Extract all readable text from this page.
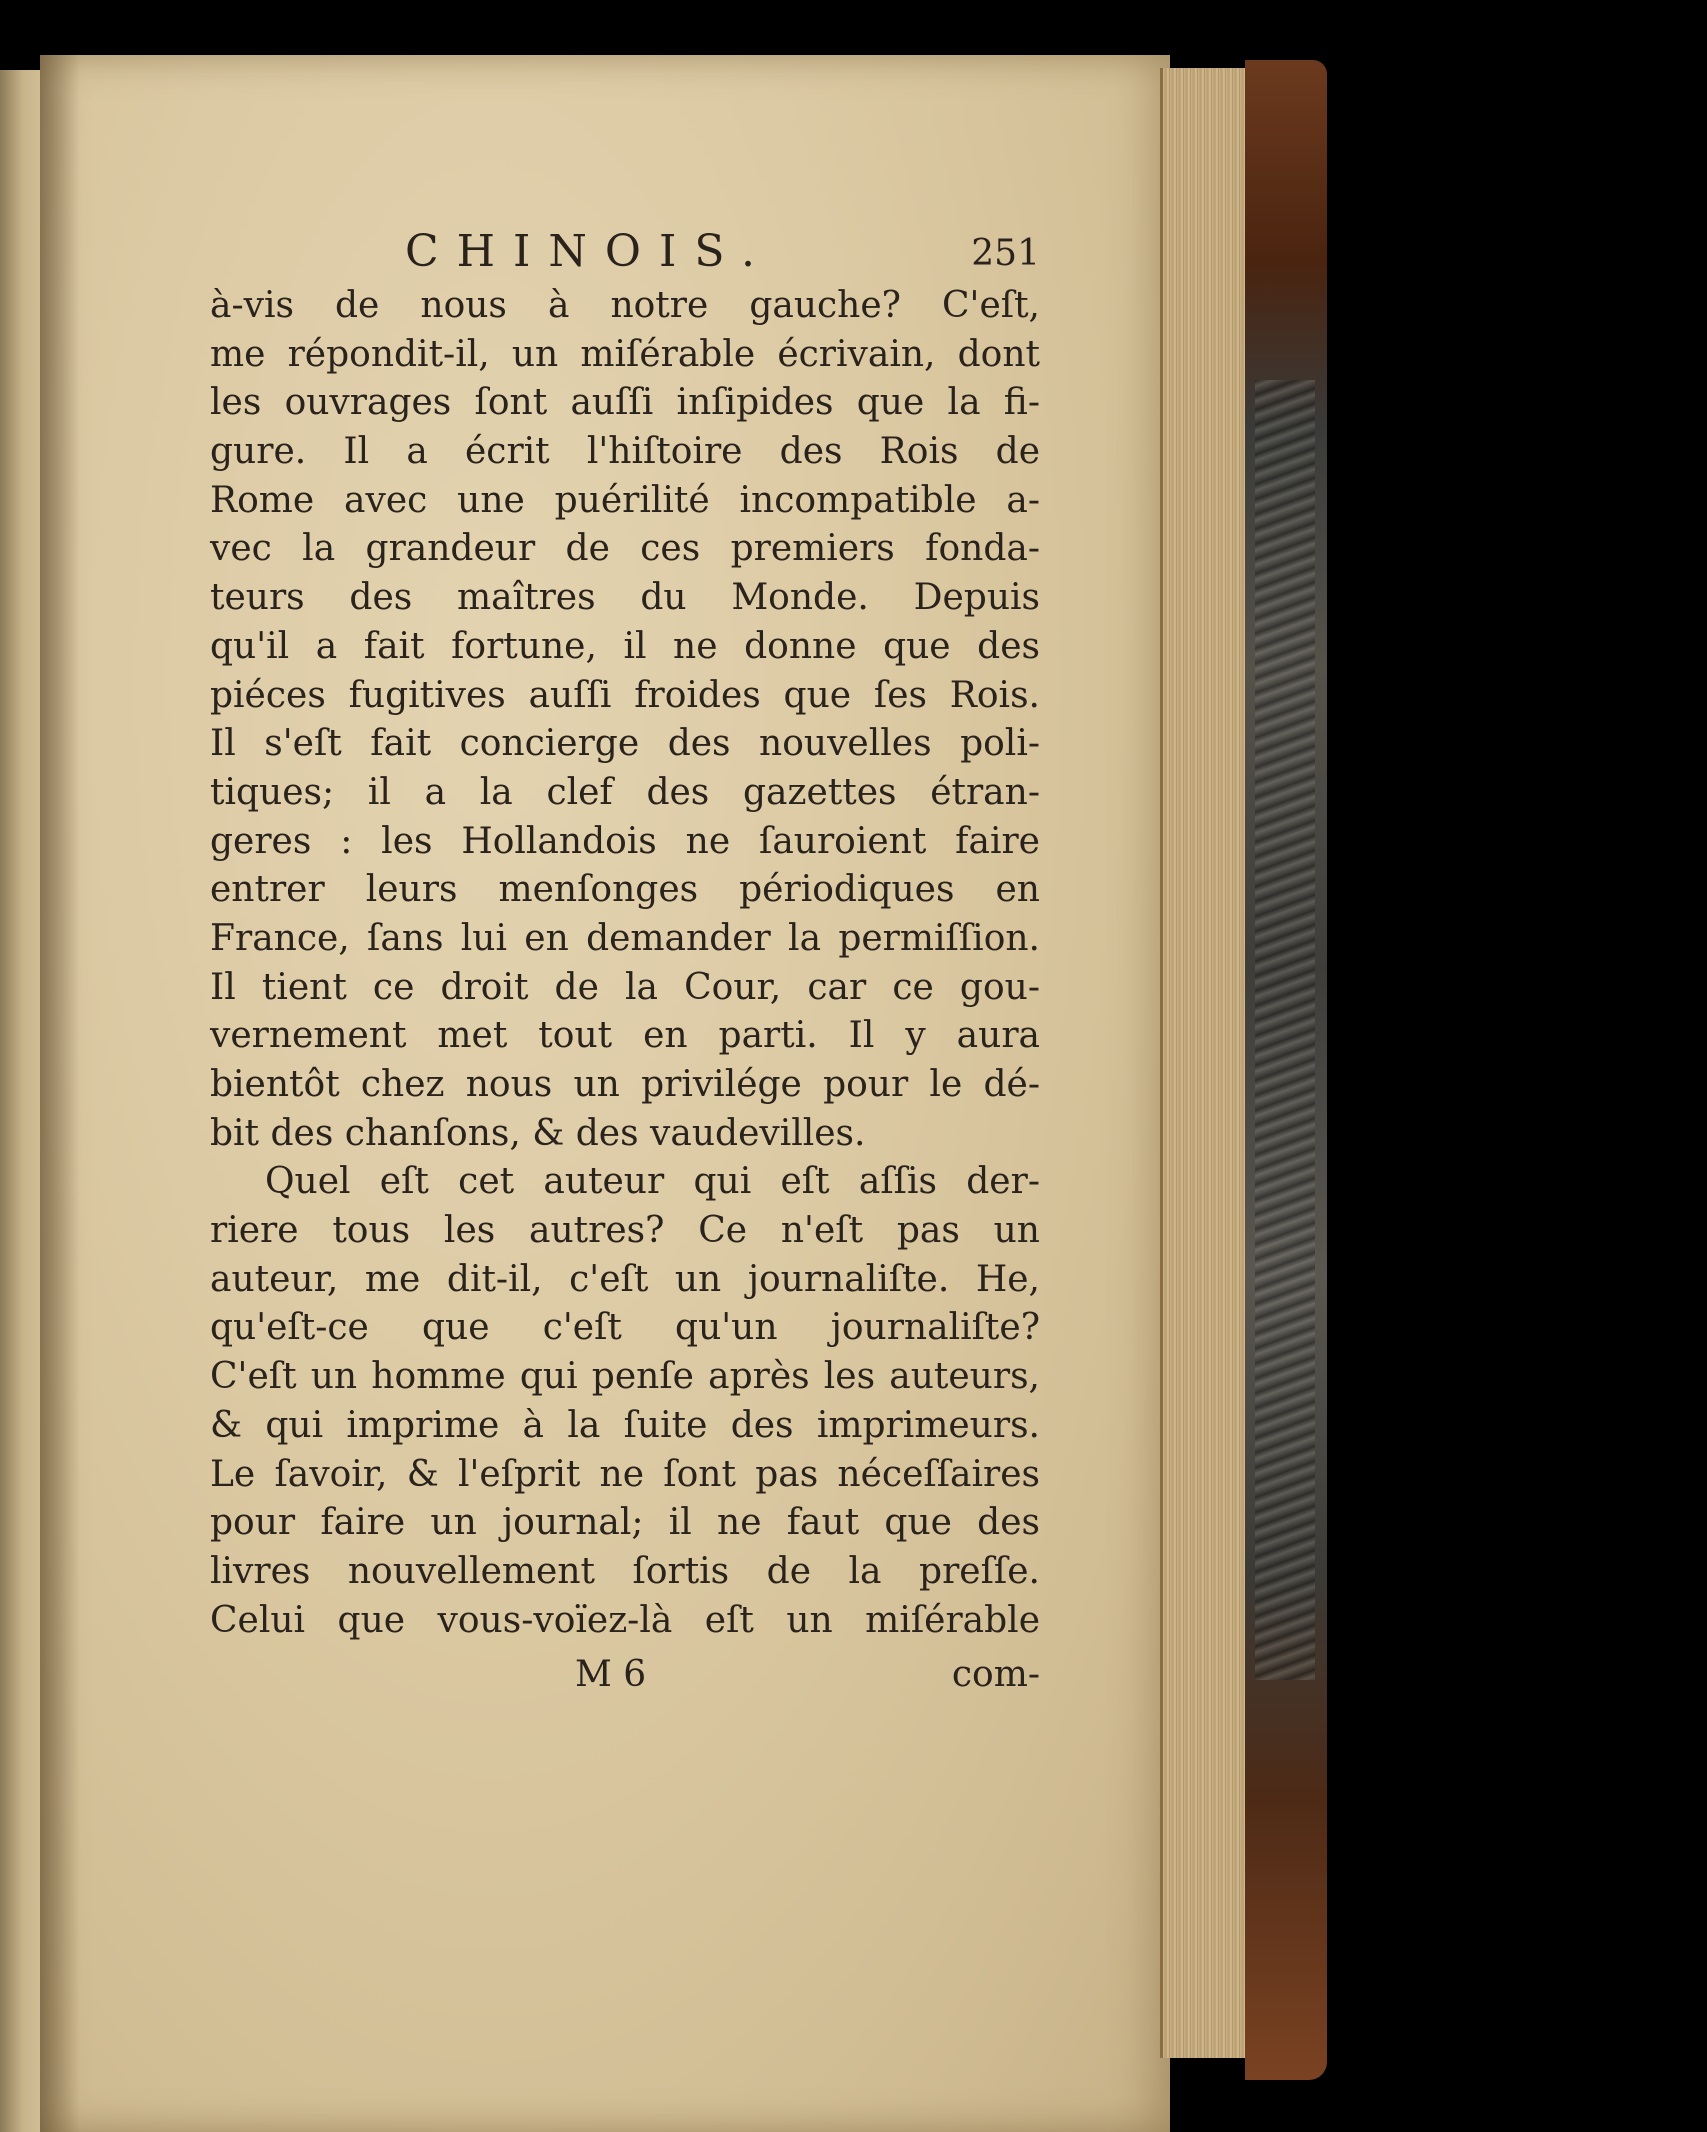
CHINOIS.	251
à-vis de nous à notre gauche? C'eſt,
me répondit-il, un miſérable écrivain, dont
les ouvrages ſont auſſi inſipides que la fi-
gure. Il a écrit l'hiſtoire des Rois de
Rome avec une puérilité incompatible a-
vec la grandeur de ces premiers fonda-
teurs des maîtres du Monde. Depuis
qu'il a fait fortune, il ne donne que des
piéces fugitives auſſi froides que ſes Rois.
Il s'eſt fait concierge des nouvelles poli-
tiques; il a la clef des gazettes étran-
geres : les Hollandois ne ſauroient faire
entrer leurs menſonges périodiques en
France, ſans lui en demander la permiſſion.
Il tient ce droit de la Cour, car ce gou-
vernement met tout en parti. Il y aura
bientôt chez nous un privilége pour le dé-
bit des chanſons, & des vaudevilles.
Quel eſt cet auteur qui eſt aſſis der-
riere tous les autres? Ce n'eſt pas un
auteur, me dit-il, c'eſt un journaliſte. He,
qu'eſt-ce que c'eſt qu'un journaliſte?
C'eſt un homme qui penſe après les auteurs,
& qui imprime à la ſuite des imprimeurs.
Le ſavoir, & l'eſprit ne ſont pas néceſſaires
pour faire un journal; il ne faut que des
livres nouvellement ſortis de la preſſe.
Celui que vous-voïez-là eſt un miſérable
M 6	com-
